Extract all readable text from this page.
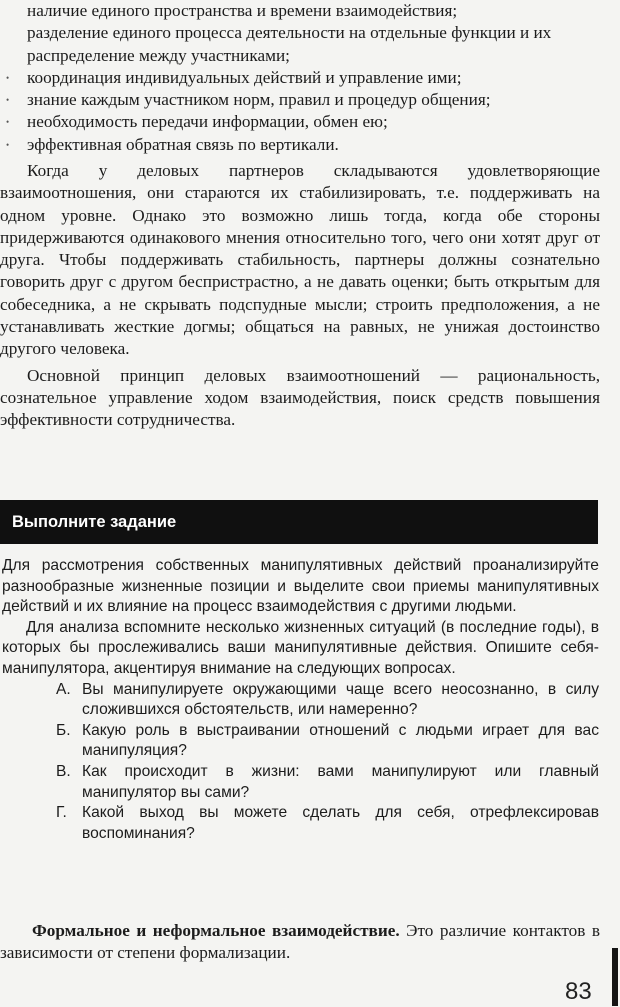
наличие единого пространства и времени взаимодействия;
разделение единого процесса деятельности на отдельные функции и их распределение между участниками;
• координация индивидуальных действий и управление ими;
• знание каждым участником норм, правил и процедур общения;
• необходимость передачи информации, обмен ею;
• эффективная обратная связь по вертикали.

Когда у деловых партнеров складываются удовлетворяющие взаимоотношения, они стараются их стабилизировать, т.е. поддерживать на одном уровне. Однако это возможно лишь тогда, когда обе стороны придерживаются одинакового мнения относительно того, чего они хотят друг от друга. Чтобы поддерживать стабильность, партнеры должны сознательно говорить друг с другом беспристрастно, а не давать оценки; быть открытым для собеседника, а не скрывать подспудные мысли; строить предположения, а не устанавливать жесткие догмы; общаться на равных, не унижая достоинство другого человека.

Основной принцип деловых взаимоотношений — рациональность, сознательное управление ходом взаимодействия, поиск средств повышения эффективности сотрудничества.

Выполните задание

Для рассмотрения собственных манипулятивных действий проанализируйте разнообразные жизненные позиции и выделите свои приемы манипулятивных действий и их влияние на процесс взаимодействия с другими людьми.

Для анализа вспомните несколько жизненных ситуаций (в последние годы), в которых бы прослеживались ваши манипулятивные действия. Опишите себя-манипулятора, акцентируя внимание на следующих вопросах.

А. Вы манипулируете окружающими чаще всего неосознанно, в силу сложившихся обстоятельств, или намеренно?
Б. Какую роль в выстраивании отношений с людьми играет для вас манипуляция?
В. Как происходит в жизни: вами манипулируют или главный манипулятор вы сами?
Г. Какой выход вы можете сделать для себя, отрефлексировав воспоминания?

Формальное и неформальное взаимодействие. Это различие контактов в зависимости от степени формализации.

83
